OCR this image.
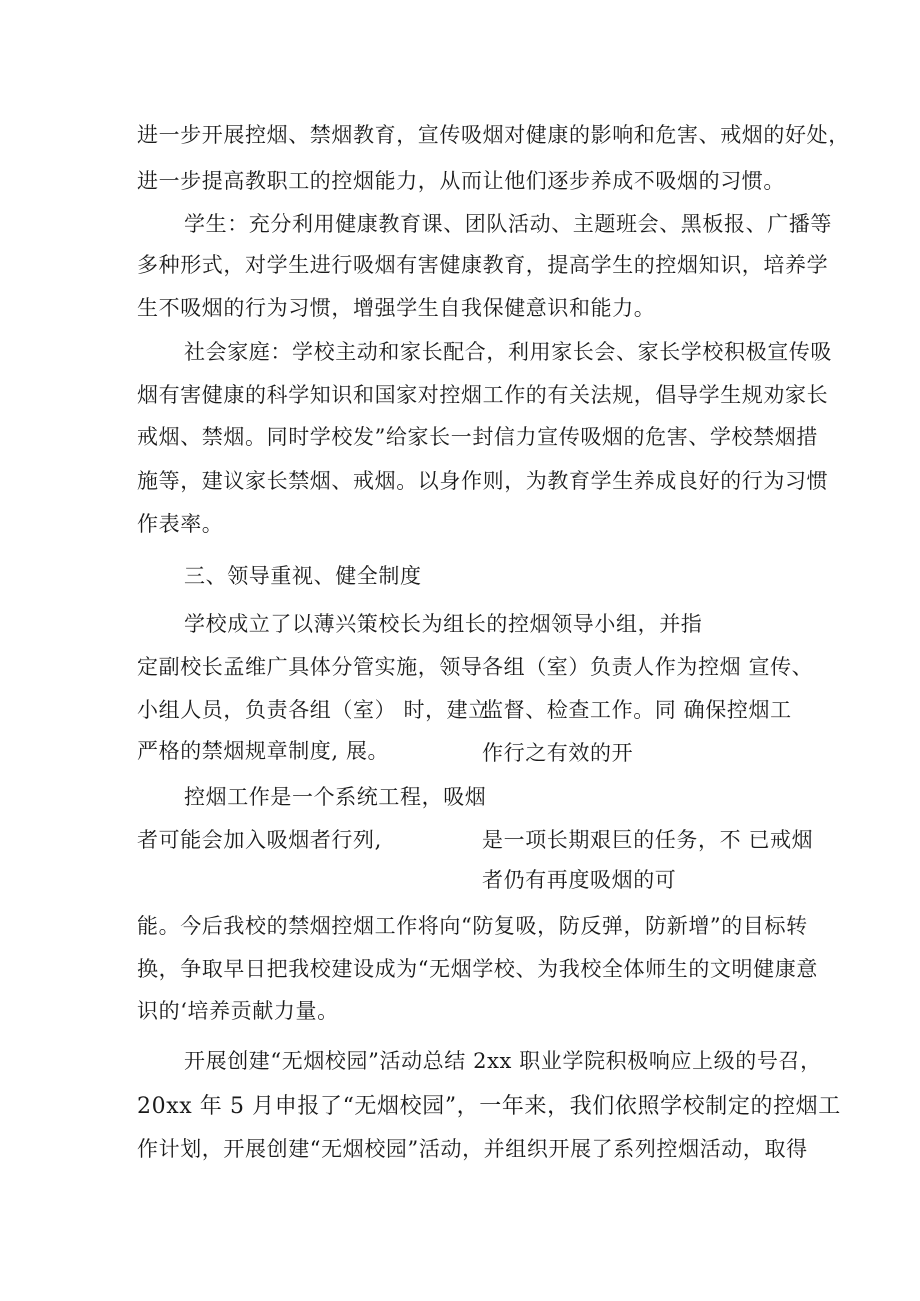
进一步开展控烟、禁烟教育，宣传吸烟对健康的影响和危害、戒烟的好处，
进一步提高教职工的控烟能力，从而让他们逐步养成不吸烟的习惯。
学生：充分利用健康教育课、团队活动、主题班会、黑板报、广播等
多种形式，对学生进行吸烟有害健康教育，提高学生的控烟知识，培养学
生不吸烟的行为习惯，增强学生自我保健意识和能力。
社会家庭：学校主动和家长配合，利用家长会、家长学校积极宣传吸
烟有害健康的科学知识和国家对控烟工作的有关法规，倡导学生规劝家长
戒烟、禁烟。同时学校发”给家长一封信力宣传吸烟的危害、学校禁烟措
施等，建议家长禁烟、戒烟。以身作则，为教育学生养成良好的行为习惯
作表率。
三、领导重视、健全制度
学校成立了以薄兴策校长为组长的控烟领导小组，并指
定副校长孟维广具体分管实施，领导 各组（室）负责人作为控烟 宣传、
小组人员，负责各组（室） 时，建立
监督、检查工作。同 确保控烟工
严格的禁烟规章制度, 展。	作行之有效的开
控烟工作是一个系统工程，吸烟
者可能会加入吸烟者行列,	是一项长期艰巨的任务，不 已戒烟
者仍有再度吸烟的可
能。今后我校的禁烟控烟工作将向“防复吸，防反弹，防新增”的目标转
换，争取早日把我校建设成为“无烟学校、为我校全体师生的文明健康意
识的‘培养贡献力量。
开展创建“无烟校园”活动总结 2xx 职业学院积极响应上级的号召，
20xx 年 5 月申报了“无烟校园”，一年来，我们依照学校制定的控烟工
作计划，开展创建“无烟校园”活动，并组织开展了系列控烟活动，取得
